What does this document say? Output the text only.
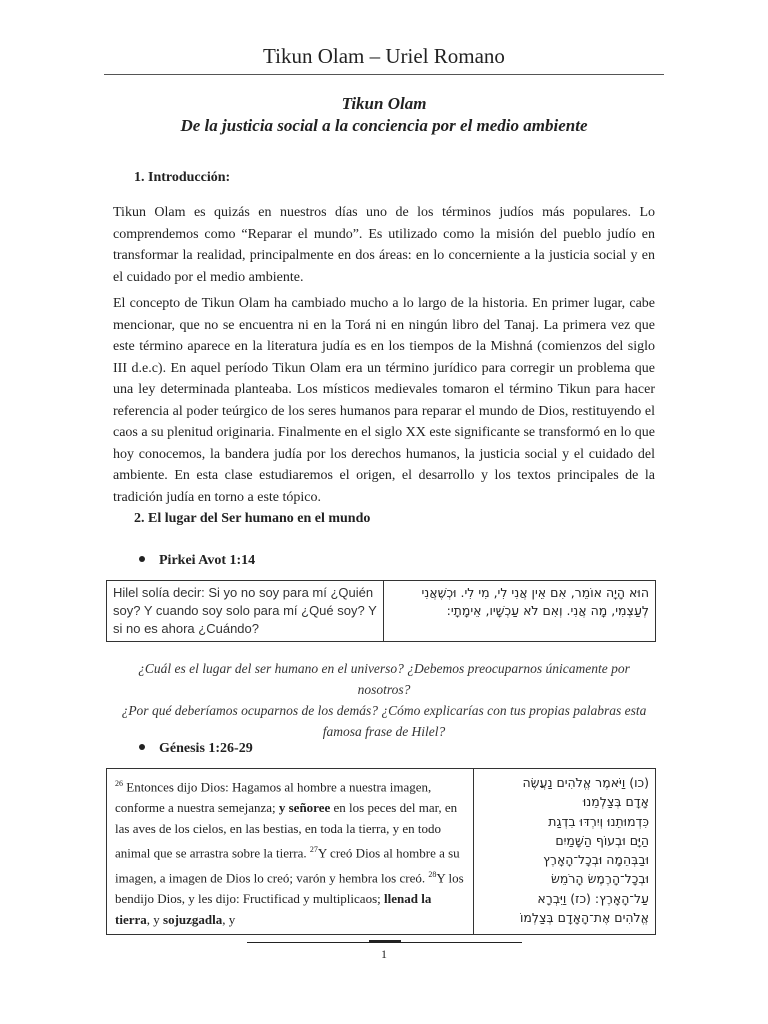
Tikun Olam – Uriel Romano
Tikun Olam
De la justicia social a la conciencia por el medio ambiente
1. Introducción:

Tikun Olam es quizás en nuestros días uno de los términos judíos más populares. Lo comprendemos como “Reparar el mundo”. Es utilizado como la misión del pueblo judío en transformar la realidad, principalmente en dos áreas: en lo concerniente a la justicia social y en el cuidado por el medio ambiente.

El concepto de Tikun Olam ha cambiado mucho a lo largo de la historia. En primer lugar, cabe mencionar, que no se encuentra ni en la Torá ni en ningún libro del Tanaj. La primera vez que este término aparece en la literatura judía es en los tiempos de la Mishná (comienzos del siglo III d.e.c). En aquel período Tikun Olam era un término jurídico para corregir un problema que una ley determinada planteaba. Los místicos medievales tomaron el término Tikun para hacer referencia al poder teúrgico de los seres humanos para reparar el mundo de Dios, restituyendo el caos a su plenitud originaria. Finalmente en el siglo XX este significante se transformó en lo que hoy conocemos, la bandera judía por los derechos humanos, la justicia social y el cuidado del ambiente. En esta clase estudiaremos el origen, el desarrollo y los textos principales de la tradición judía en torno a este tópico.

2. El lugar del Ser humano en el mundo
Pirkei Avot 1:14
Hilel solía decir: Si yo no soy para mí ¿Quién soy? Y cuando soy solo para mí ¿Qué soy? Y si no es ahora ¿Cuándo?	הוּא הָיָה אוֹמֵר, אִם אֵין אֲנִי לִי, מִי לִי. וּכְשֶׁאֲנִי לְעַצְמִי, מָה אֲנִי. וְאִם לֹא עַכְשָׁיו, אֵימָתָי:
¿Cuál es el lugar del ser humano en el universo? ¿Debemos preocuparnos únicamente por nosotros?
¿Por qué deberíamos ocuparnos de los demás? ¿Cómo explicarías con tus propias palabras esta
famosa frase de Hilel?
Génesis 1:26-29
$^{26}$ Entonces dijo Dios: Hagamos al hombre a nuestra imagen, conforme a nuestra semejanza; y señoree en los peces del mar, en las aves de los cielos, en las bestias, en toda la tierra, y en todo animal que se arrastra sobre la tierra. $^{27}$Y creó Dios al hombre a su imagen, a imagen de Dios lo creó; varón y hembra los creó. $^{28}$Y los bendijo Dios, y les dijo: Fructificad y multiplicaos; llenad la tierra, y sojuzgadla, y	
(כו) וַיֹּאמֶר אֱלֹהִים נַעֲשֶׂה
אָדָם בְּצַלְמֵנוּ
כִּדְמוּתֵנוּ וְיִרְדּוּ בִדְגַת
הַיָּם וּבְעוֹף הַשָּׁמַיִם
וּבַבְּהֵמָה וּבְכָל־הָאָרֶץ
וּבְכָל־הָרֶמֶשׂ הָרֹמֵשׂ
עַל־הָאָרֶץ: (כז) וַיִּבְרָא
אֱלֹהִים אֶת־הָאָדָם בְּצַלְמוֹ
1
